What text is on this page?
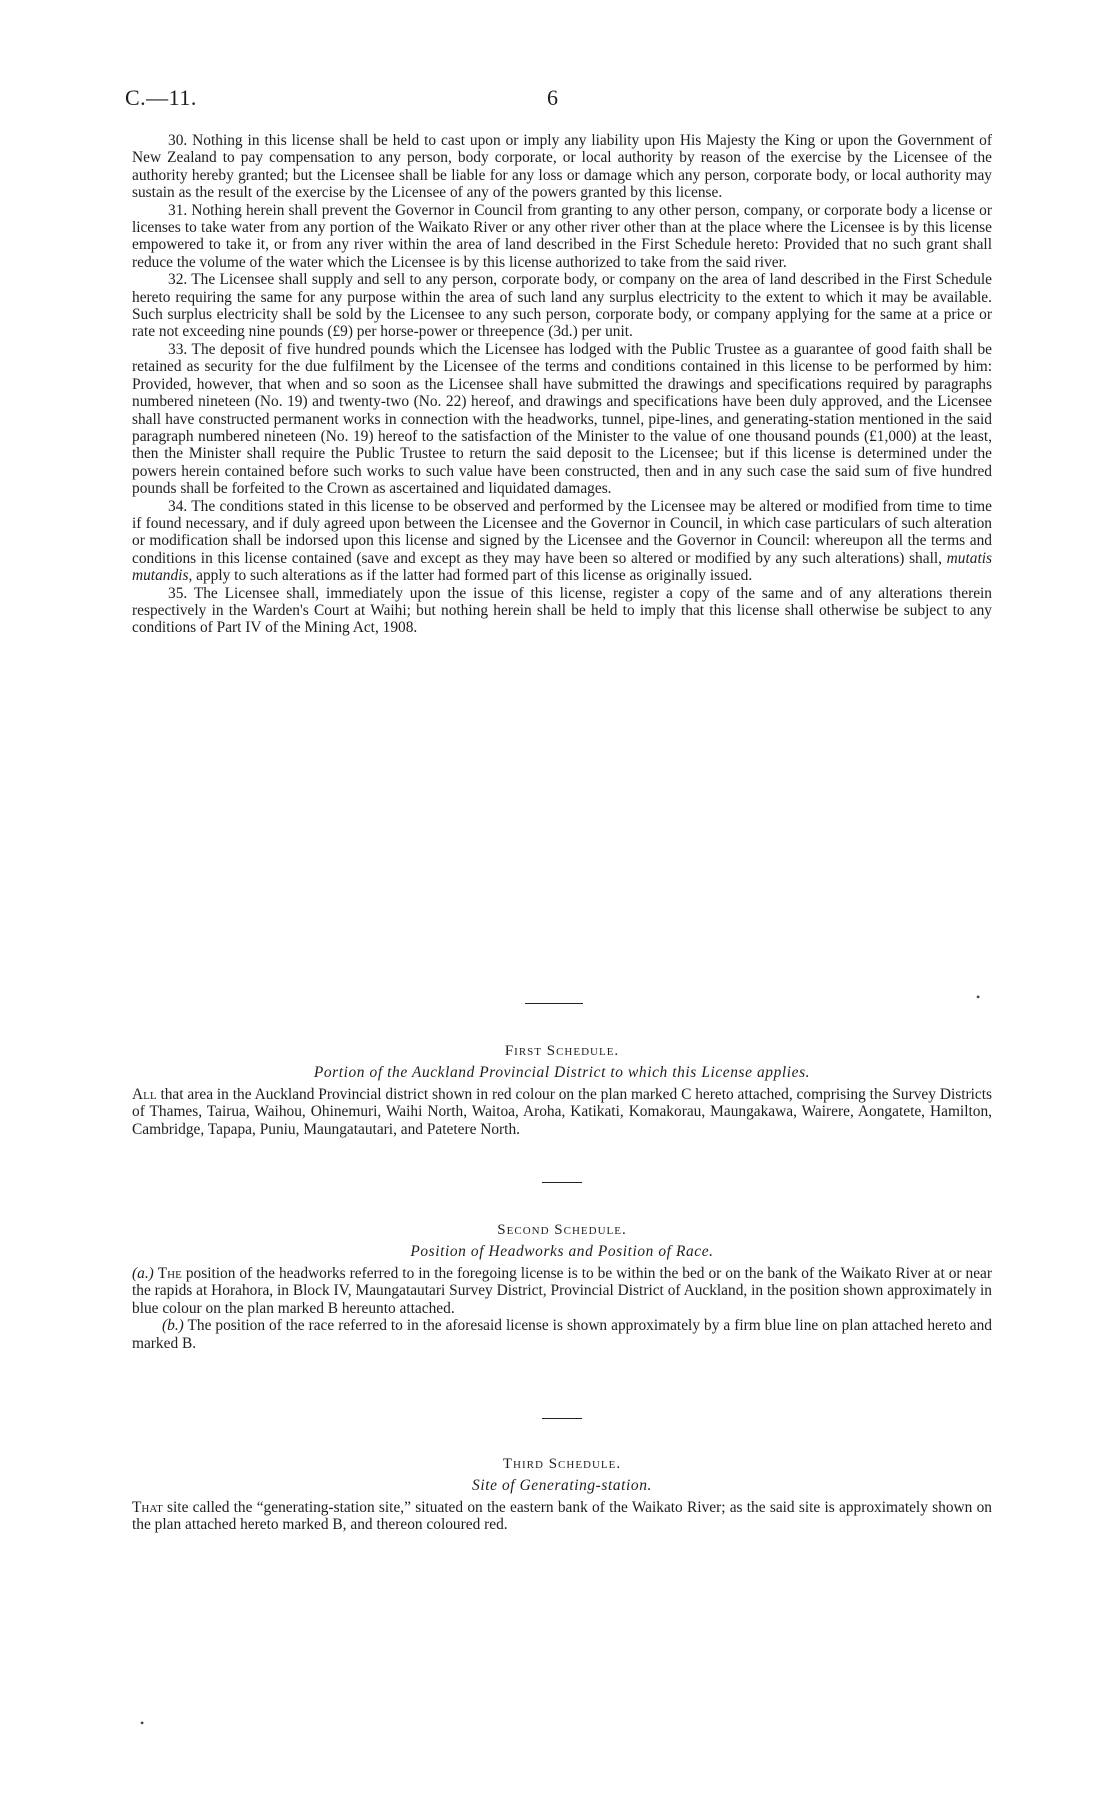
C.—11.	6

30. Nothing in this license shall be held to cast upon or imply any liability upon His Majesty the King or upon the Government of New Zealand to pay compensation to any person, body corporate, or local authority by reason of the exercise by the Licensee of the authority hereby granted; but the Licensee shall be liable for any loss or damage which any person, corporate body, or local authority may sustain as the result of the exercise by the Licensee of any of the powers granted by this license.

31. Nothing herein shall prevent the Governor in Council from granting to any other person, company, or corporate body a license or licenses to take water from any portion of the Waikato River or any other river other than at the place where the Licensee is by this license empowered to take it, or from any river within the area of land described in the First Schedule hereto: Provided that no such grant shall reduce the volume of the water which the Licensee is by this license authorized to take from the said river.

32. The Licensee shall supply and sell to any person, corporate body, or company on the area of land described in the First Schedule hereto requiring the same for any purpose within the area of such land any surplus electricity to the extent to which it may be available. Such surplus electricity shall be sold by the Licensee to any such person, corporate body, or company applying for the same at a price or rate not exceeding nine pounds (£9) per horse-power or threepence (3d.) per unit.

33. The deposit of five hundred pounds which the Licensee has lodged with the Public Trustee as a guarantee of good faith shall be retained as security for the due fulfilment by the Licensee of the terms and conditions contained in this license to be performed by him: Provided, however, that when and so soon as the Licensee shall have submitted the drawings and specifications required by paragraphs numbered nineteen (No. 19) and twenty-two (No. 22) hereof, and drawings and specifications have been duly approved, and the Licensee shall have constructed permanent works in connection with the headworks, tunnel, pipe-lines, and generating-station mentioned in the said paragraph numbered nineteen (No. 19) hereof to the satisfaction of the Minister to the value of one thousand pounds (£1,000) at the least, then the Minister shall require the Public Trustee to return the said deposit to the Licensee; but if this license is determined under the powers herein contained before such works to such value have been constructed, then and in any such case the said sum of five hundred pounds shall be forfeited to the Crown as ascertained and liquidated damages.

34. The conditions stated in this license to be observed and performed by the Licensee may be altered or modified from time to time if found necessary, and if duly agreed upon between the Licensee and the Governor in Council, in which case particulars of such alteration or modification shall be indorsed upon this license and signed by the Licensee and the Governor in Council: whereupon all the terms and conditions in this license contained (save and except as they may have been so altered or modified by any such alterations) shall, mutatis mutandis, apply to such alterations as if the latter had formed part of this license as originally issued.

35. The Licensee shall, immediately upon the issue of this license, register a copy of the same and of any alterations therein respectively in the Warden's Court at Waihi; but nothing herein shall be held to imply that this license shall otherwise be subject to any conditions of Part IV of the Mining Act, 1908.

•
First Schedule.
Portion of the Auckland Provincial District to which this License applies.

All that area in the Auckland Provincial district shown in red colour on the plan marked C hereto attached, comprising the Survey Districts of Thames, Tairua, Waihou, Ohinemuri, Waihi North, Waitoa, Aroha, Katikati, Komakorau, Maungakawa, Wairere, Aongatete, Hamilton, Cambridge, Tapapa, Puniu, Maungatautari, and Patetere North.

Second Schedule.
Position of Headworks and Position of Race.

(a.) The position of the headworks referred to in the foregoing license is to be within the bed or on the bank of the Waikato River at or near the rapids at Horahora, in Block IV, Maungatautari Survey District, Provincial District of Auckland, in the position shown approximately in blue colour on the plan marked B hereunto attached.

(b.) The position of the race referred to in the aforesaid license is shown approximately by a firm blue line on plan attached hereto and marked B.

Third Schedule.
Site of Generating-station.

That site called the “generating-station site,” situated on the eastern bank of the Waikato River; as the said site is approximately shown on the plan attached hereto marked B, and thereon coloured red.

•
